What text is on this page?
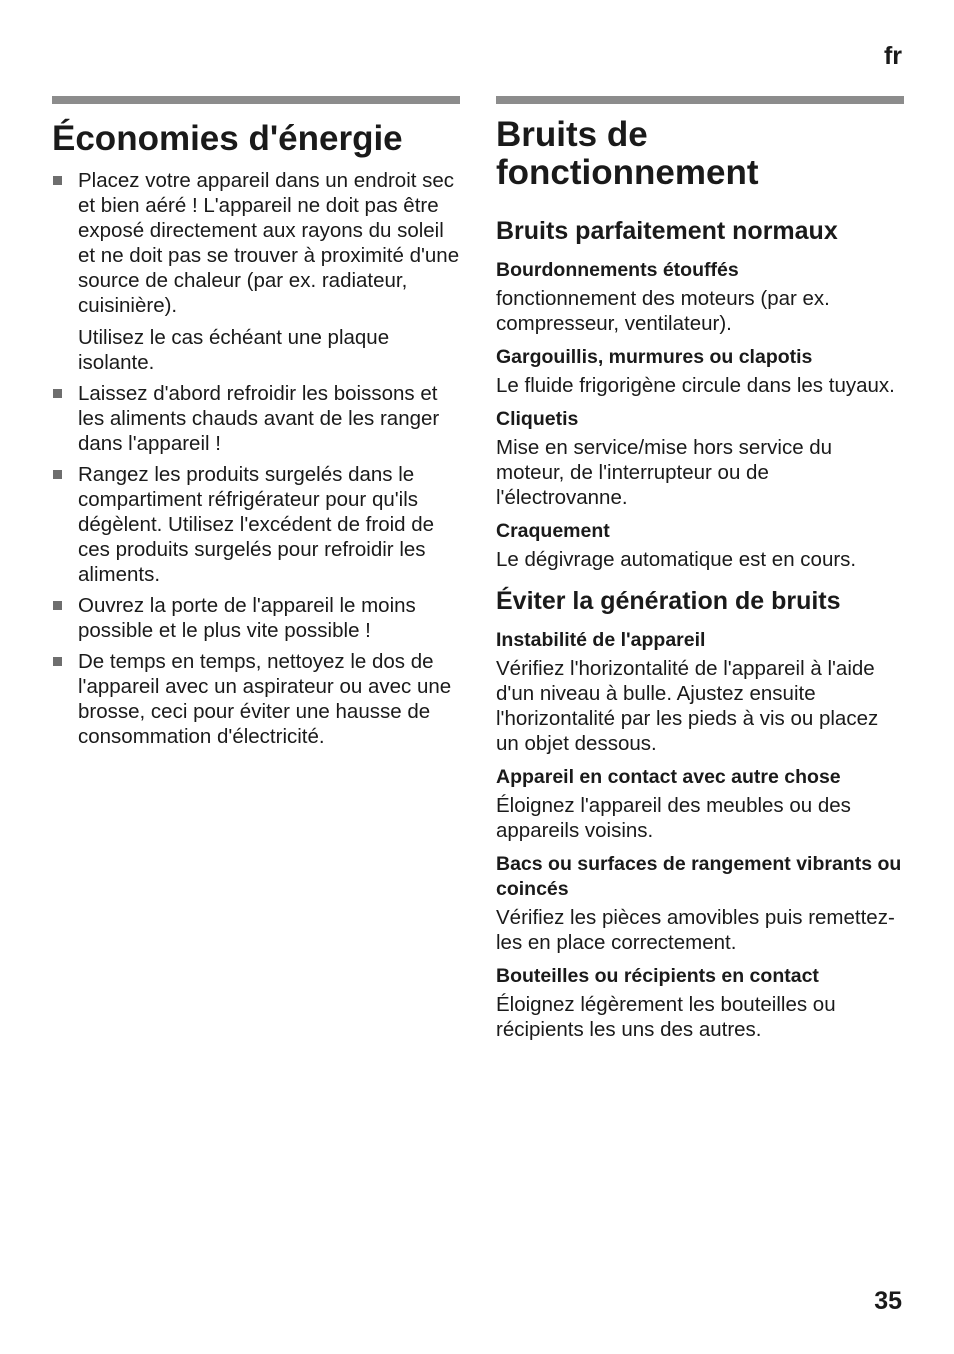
fr
Économies d'énergie

Placez votre appareil dans un endroit sec et bien aéré ! L'appareil ne doit pas être exposé directement aux rayons du soleil et ne doit pas se trouver à proximité d'une source de chaleur (par ex. radiateur, cuisinière).

Utilisez le cas échéant une plaque isolante.

Laissez d'abord refroidir les boissons et les aliments chauds avant de les ranger dans l'appareil !

Rangez les produits surgelés dans le compartiment réfrigérateur pour qu'ils dégèlent. Utilisez l'excédent de froid de ces produits surgelés pour refroidir les aliments.

Ouvrez la porte de l'appareil le moins possible et le plus vite possible !

De temps en temps, nettoyez le dos de l'appareil avec un aspirateur ou avec une brosse, ceci pour éviter une hausse de consommation d'électricité.

Bruits de
fonctionnement
Bruits parfaitement normaux
Bourdonnements étouffés

fonctionnement des moteurs (par ex. compresseur, ventilateur).

Gargouillis, murmures ou clapotis

Le fluide frigorigène circule dans les tuyaux.

Cliquetis

Mise en service/mise hors service du moteur, de l'interrupteur ou de l'électrovanne.

Craquement

Le dégivrage automatique est en cours.

Éviter la génération de bruits
Instabilité de l'appareil

Vérifiez l'horizontalité de l'appareil à l'aide d'un niveau à bulle. Ajustez ensuite l'horizontalité par les pieds à vis ou placez un objet dessous.

Appareil en contact avec autre chose

Éloignez l'appareil des meubles ou des appareils voisins.

Bacs ou surfaces de rangement vibrants ou coincés

Vérifiez les pièces amovibles puis remettez-les en place correctement.

Bouteilles ou récipients en contact

Éloignez légèrement les bouteilles ou récipients les uns des autres.

35
